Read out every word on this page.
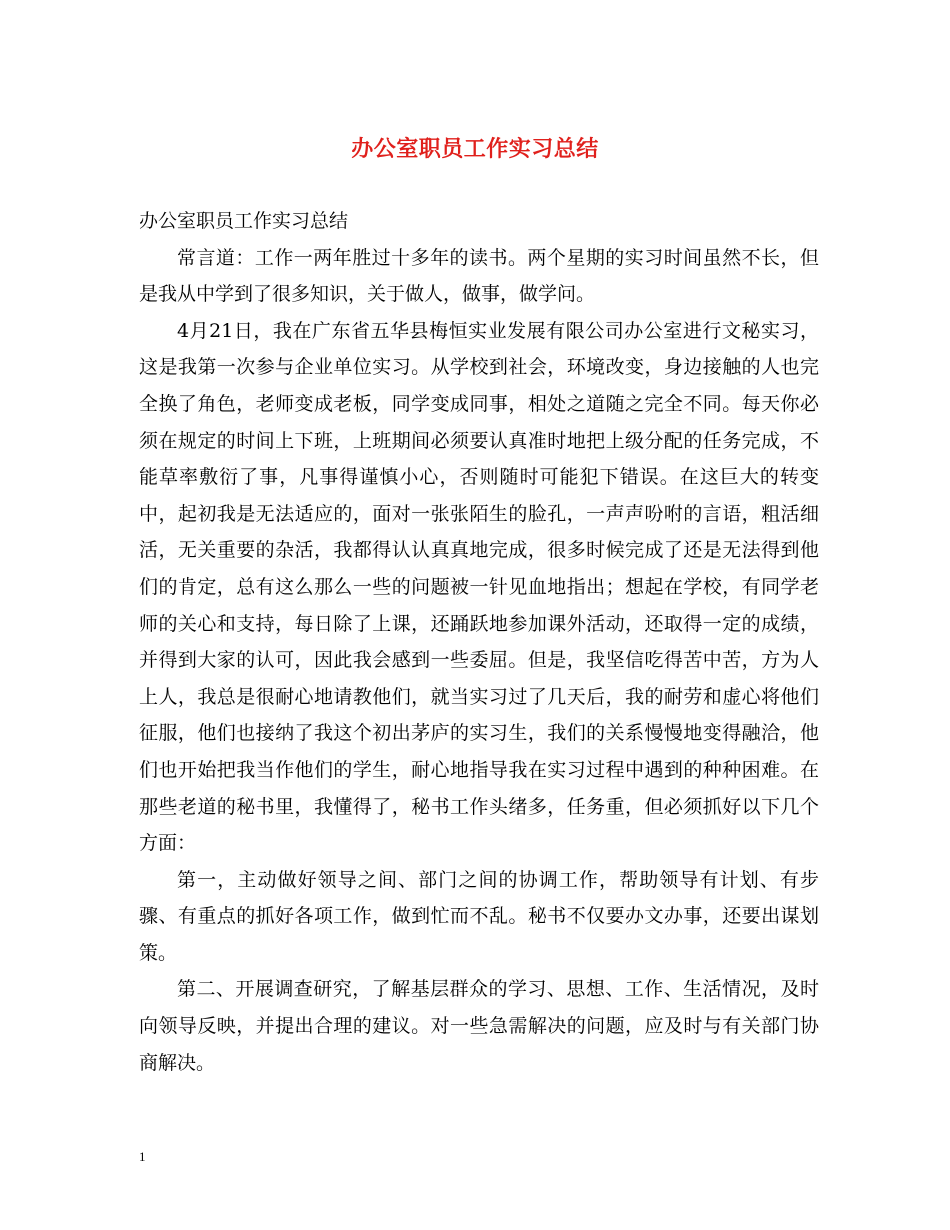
办公室职员工作实习总结

办公室职员工作实习总结

常言道：工作一两年胜过十多年的读书。两个星期的实习时间虽然不长，但是我从中学到了很多知识，关于做人，做事，做学问。

4月21日，我在广东省五华县梅恒实业发展有限公司办公室进行文秘实习，这是我第一次参与企业单位实习。从学校到社会，环境改变，身边接触的人也完全换了角色，老师变成老板，同学变成同事，相处之道随之完全不同。每天你必须在规定的时间上下班，上班期间必须要认真准时地把上级分配的任务完成，不能草率敷衍了事，凡事得谨慎小心，否则随时可能犯下错误。在这巨大的转变中，起初我是无法适应的，面对一张张陌生的脸孔，一声声吩咐的言语，粗活细活，无关重要的杂活，我都得认认真真地完成，很多时候完成了还是无法得到他们的肯定，总有这么那么一些的问题被一针见血地指出；想起在学校，有同学老师的关心和支持，每日除了上课，还踊跃地参加课外活动，还取得一定的成绩，并得到大家的认可，因此我会感到一些委屈。但是，我坚信吃得苦中苦，方为人上人，我总是很耐心地请教他们，就当实习过了几天后，我的耐劳和虚心将他们征服，他们也接纳了我这个初出茅庐的实习生，我们的关系慢慢地变得融洽，他们也开始把我当作他们的学生，耐心地指导我在实习过程中遇到的种种困难。在那些老道的秘书里，我懂得了，秘书工作头绪多，任务重，但必须抓好以下几个方面：

第一，主动做好领导之间、部门之间的协调工作，帮助领导有计划、有步骤、有重点的抓好各项工作，做到忙而不乱。秘书不仅要办文办事，还要出谋划策。

第二、开展调查研究，了解基层群众的学习、思想、工作、生活情况，及时向领导反映，并提出合理的建议。对一些急需解决的问题，应及时与有关部门协商解决。

1
